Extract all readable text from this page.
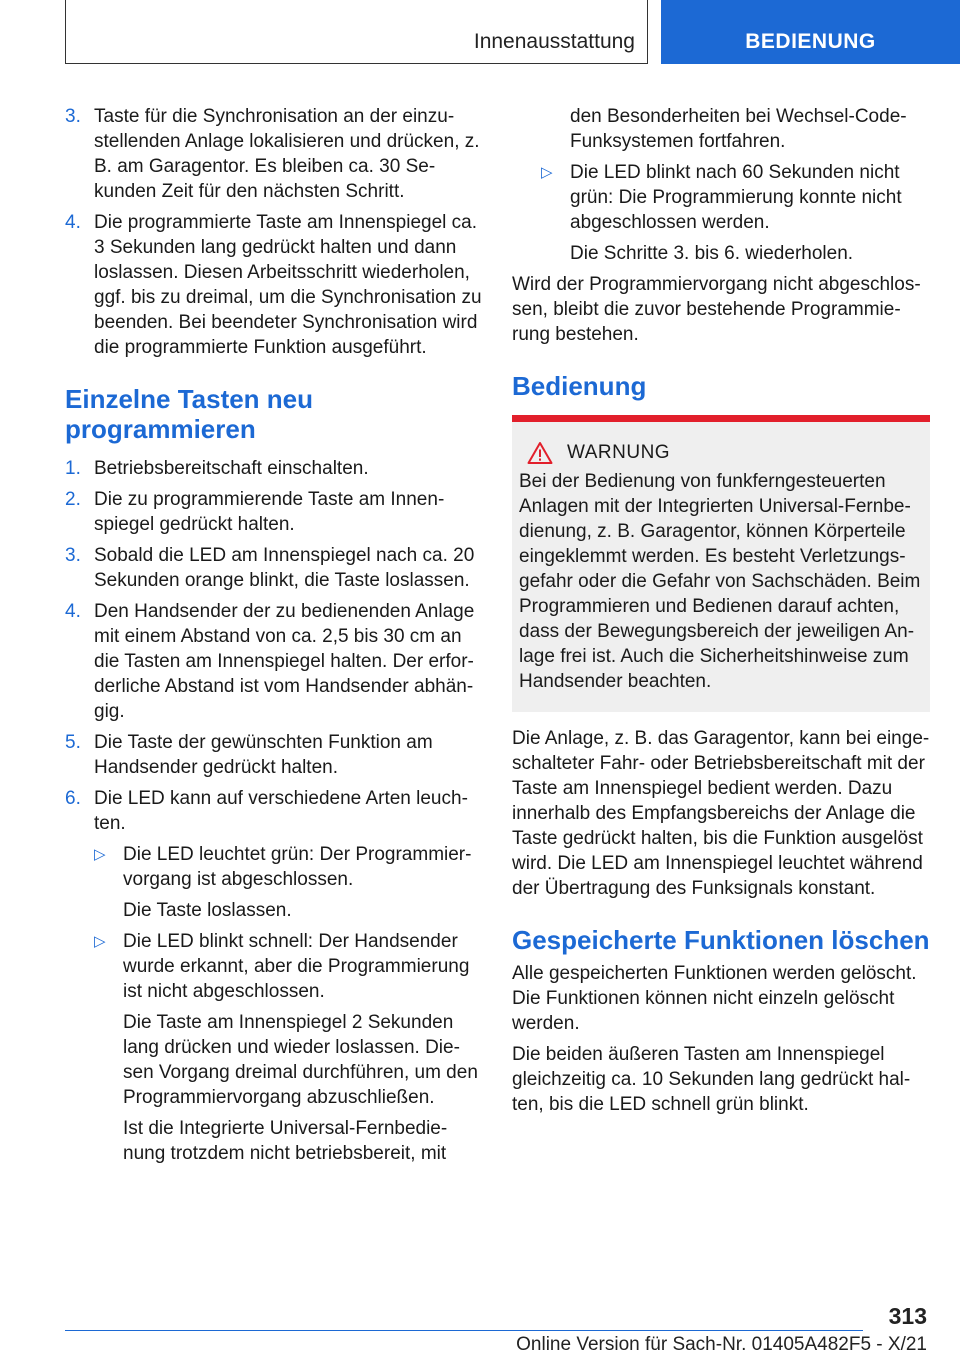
Innenausstattung	BEDIENUNG
3. Taste für die Synchronisation an der einzustellenden Anlage lokalisieren und drücken, z. B. am Garagentor. Es bleiben ca. 30 Sekunden Zeit für den nächsten Schritt.
4. Die programmierte Taste am Innenspiegel ca. 3 Sekunden lang gedrückt halten und dann loslassen. Diesen Arbeitsschritt wiederholen, ggf. bis zu dreimal, um die Synchronisation zu beenden. Bei beendeter Synchronisation wird die programmierte Funktion ausgeführt.
Einzelne Tasten neu programmieren
1. Betriebsbereitschaft einschalten.
2. Die zu programmierende Taste am Innenspiegel gedrückt halten.
3. Sobald die LED am Innenspiegel nach ca. 20 Sekunden orange blinkt, die Taste loslassen.
4. Den Handsender der zu bedienenden Anlage mit einem Abstand von ca. 2,5 bis 30 cm an die Tasten am Innenspiegel halten. Der erforderliche Abstand ist vom Handsender abhängig.
5. Die Taste der gewünschten Funktion am Handsender gedrückt halten.
6. Die LED kann auf verschiedene Arten leuchten.
▷ Die LED leuchtet grün: Der Programmiervorgang ist abgeschlossen.

Die Taste loslassen.

▷ Die LED blinkt schnell: Der Handsender wurde erkannt, aber die Programmierung ist nicht abgeschlossen.

Die Taste am Innenspiegel 2 Sekunden lang drücken und wieder loslassen. Diesen Vorgang dreimal durchführen, um den Programmiervorgang abzuschließen.

Ist die Integrierte Universal-Fernbedienung trotzdem nicht betriebsbereit, mit

den Besonderheiten bei Wechsel-Code-Funksystemen fortfahren.
▷ Die LED blinkt nach 60 Sekunden nicht grün: Die Programmierung konnte nicht abgeschlossen werden.

Die Schritte 3. bis 6. wiederholen.

Wird der Programmiervorgang nicht abgeschlossen, bleibt die zuvor bestehende Programmierung bestehen.

Bedienung
WARNUNG
Bei der Bedienung von funkferngesteuerten Anlagen mit der Integrierten Universal-Fernbedienung, z. B. Garagentor, können Körperteile eingeklemmt werden. Es besteht Verletzungsgefahr oder die Gefahr von Sachschäden. Beim Programmieren und Bedienen darauf achten, dass der Bewegungsbereich der jeweiligen Anlage frei ist. Auch die Sicherheitshinweise zum Handsender beachten.

Die Anlage, z. B. das Garagentor, kann bei eingeschalteter Fahr- oder Betriebsbereitschaft mit der Taste am Innenspiegel bedient werden. Dazu innerhalb des Empfangsbereichs der Anlage die Taste gedrückt halten, bis die Funktion ausgelöst wird. Die LED am Innenspiegel leuchtet während der Übertragung des Funksignals konstant.

Gespeicherte Funktionen löschen

Alle gespeicherten Funktionen werden gelöscht. Die Funktionen können nicht einzeln gelöscht werden.

Die beiden äußeren Tasten am Innenspiegel gleichzeitig ca. 10 Sekunden lang gedrückt halten, bis die LED schnell grün blinkt.

313
Online Version für Sach-Nr. 01405A482F5 - X/21
